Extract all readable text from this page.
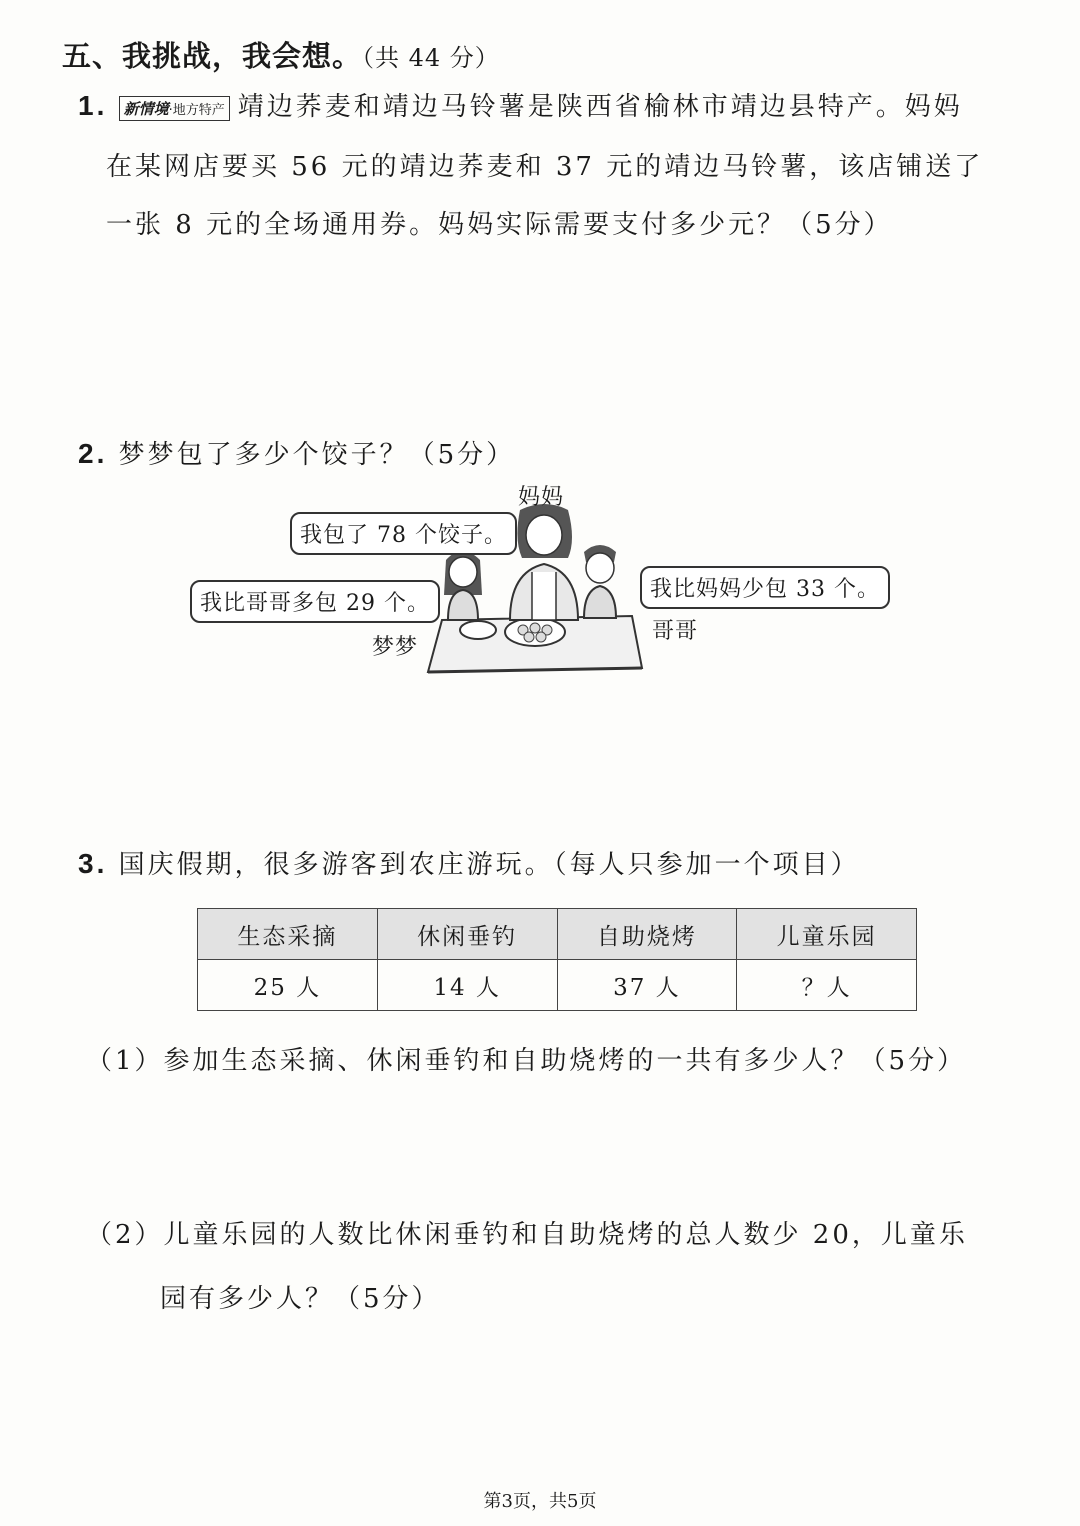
五、我挑战，我会想。（共 44 分）
1. 新情境·地方特产 靖边荞麦和靖边马铃薯是陕西省榆林市靖边县特产。妈妈
在某网店要买 56 元的靖边荞麦和 37 元的靖边马铃薯，该店铺送了
一张 8 元的全场通用券。妈妈实际需要支付多少元？（5分）
2. 梦梦包了多少个饺子？（5分）
妈妈
我包了 78 个饺子。
我比哥哥多包 29 个。
我比妈妈少包 33 个。
梦梦
哥哥
3. 国庆假期，很多游客到农庄游玩。（每人只参加一个项目）
生态采摘	休闲垂钓	自助烧烤	儿童乐园
25 人	14 人	37 人	？人
（1）参加生态采摘、休闲垂钓和自助烧烤的一共有多少人？（5分）
（2）儿童乐园的人数比休闲垂钓和自助烧烤的总人数少 20，儿童乐
园有多少人？（5分）
第3页，共5页
